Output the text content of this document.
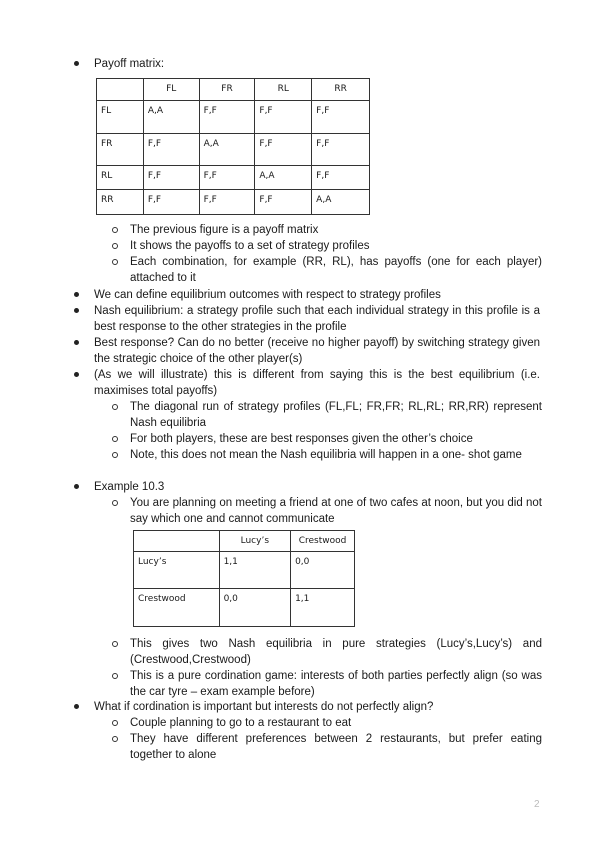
Payoff matrix:
	FL	FR	RL	RR
FL	A,A	F,F	F,F	F,F
FR	F,F	A,A	F,F	F,F
RL	F,F	F,F	A,A	F,F
RR	F,F	F,F	F,F	A,A
The previous figure is a payoff matrix
It shows the payoffs to a set of strategy profiles
Each combination, for example (RR, RL), has payoffs (one for each player) attached to it
We can define equilibrium outcomes with respect to strategy profiles
Nash equilibrium: a strategy profile such that each individual strategy in this profile is a best response to the other strategies in the profile
Best response? Can do no better (receive no higher payoff) by switching strategy given the strategic choice of the other player(s)
(As we will illustrate) this is different from saying this is the best equilibrium (i.e. maximises total payoffs)
The diagonal run of strategy profiles (FL,FL; FR,FR; RL,RL; RR,RR) represent Nash equilibria
For both players, these are best responses given the other’s choice
Note, this does not mean the Nash equilibria will happen in a one- shot game
Example 10.3
You are planning on meeting a friend at one of two cafes at noon, but you did not say which one and cannot communicate
	Lucy’s	Crestwood
Lucy’s	1,1	0,0
Crestwood	0,0	1,1
This gives two Nash equilibria in pure strategies (Lucy’s,Lucy’s) and (Crestwood,Crestwood)
This is a pure cordination game: interests of both parties perfectly align (so was the car tyre – exam example before)
What if cordination is important but interests do not perfectly align?
Couple planning to go to a restaurant to eat
They have different preferences between 2 restaurants, but prefer eating together to alone
2
